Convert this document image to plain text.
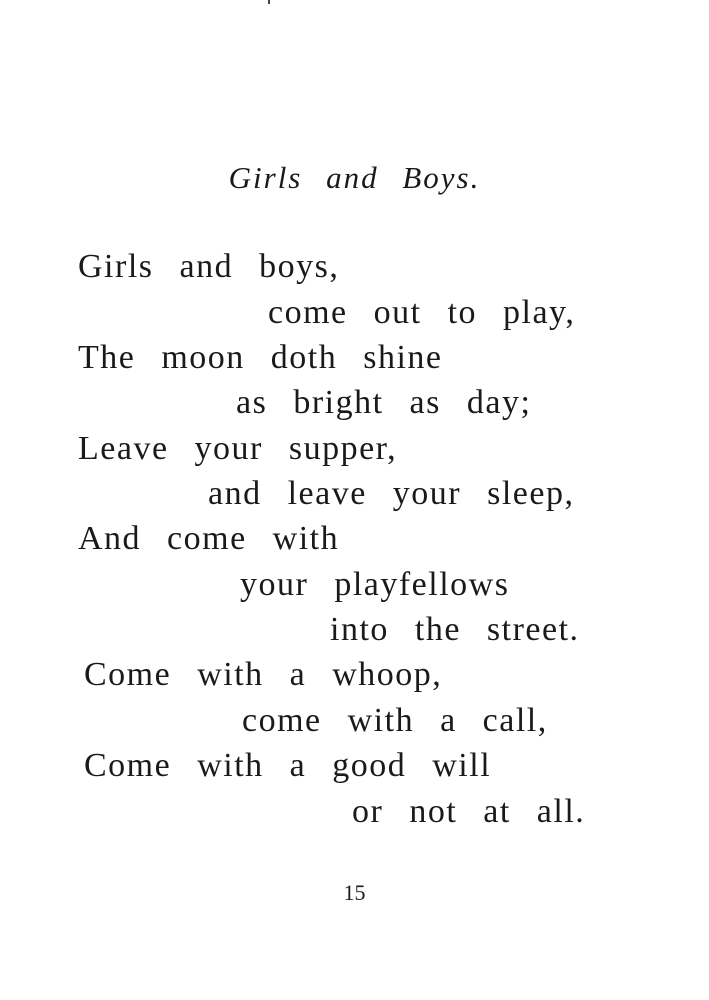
Girls and Boys.
Girls and boys,
come out to play,
The moon doth shine
as bright as day;
Leave your supper,
and leave your sleep,
And come with
your playfellows
into the street.
Come with a whoop,
come with a call,
Come with a good will
or not at all.
15
